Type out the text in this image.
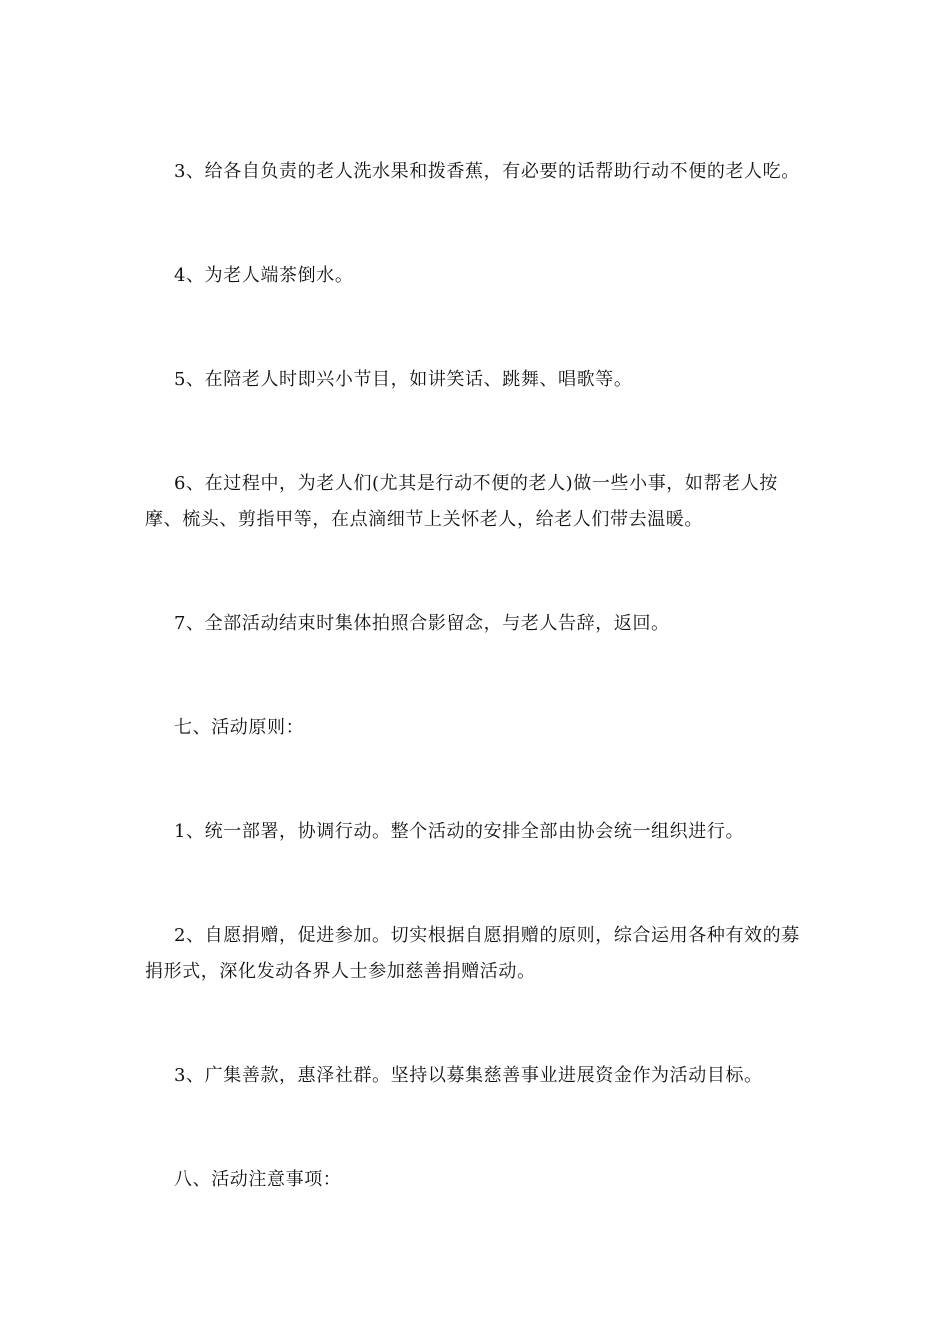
3、给各自负责的老人洗水果和拨香蕉，有必要的话帮助行动不便的老人吃。

4、为老人端茶倒水。

5、在陪老人时即兴小节目，如讲笑话、跳舞、唱歌等。

6、在过程中，为老人们(尤其是行动不便的老人)做一些小事，如帮老人按摩、梳头、剪指甲等，在点滴细节上关怀老人，给老人们带去温暖。

7、全部活动结束时集体拍照合影留念，与老人告辞，返回。

七、活动原则：

1、统一部署，协调行动。整个活动的安排全部由协会统一组织进行。

2、自愿捐赠，促进参加。切实根据自愿捐赠的原则，综合运用各种有效的募捐形式，深化发动各界人士参加慈善捐赠活动。

3、广集善款，惠泽社群。坚持以募集慈善事业进展资金作为活动目标。

八、活动注意事项：
